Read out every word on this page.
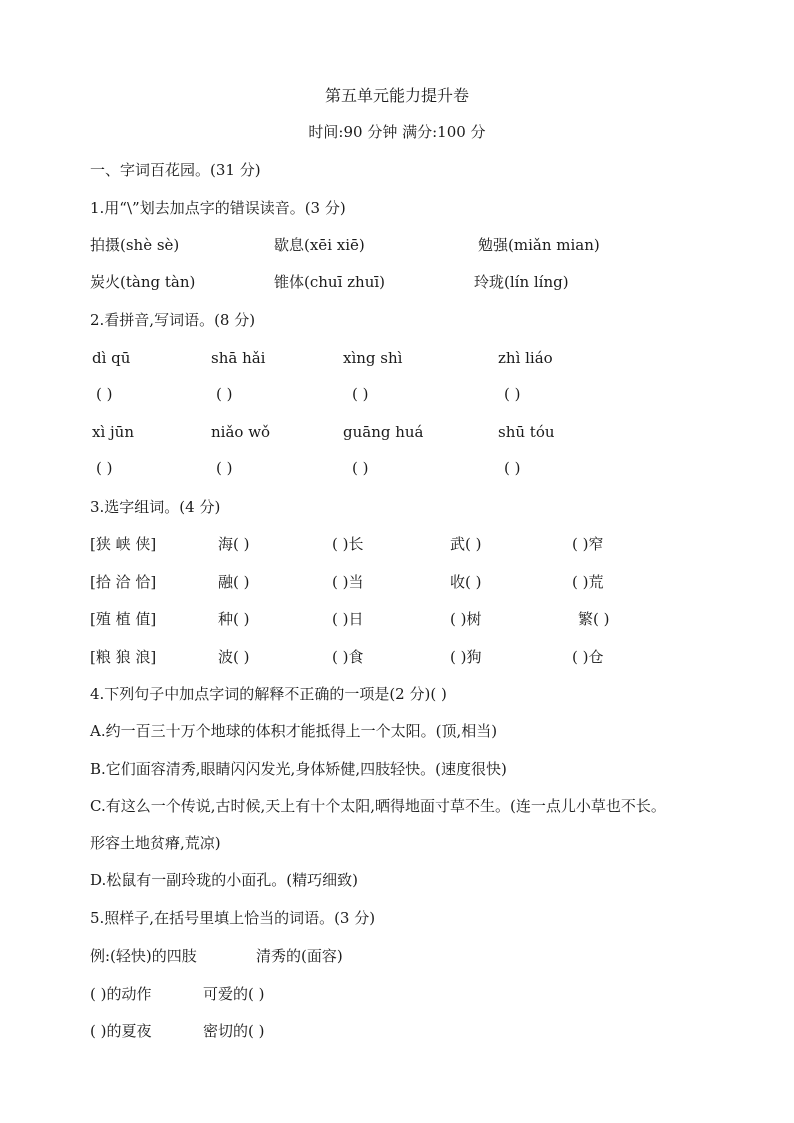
第五单元能力提升卷
时间:90 分钟 满分:100 分
一、字词百花园。(31 分)
1.用“\”划去加点字的错误读音。(3 分)
拍摄(shè sè)	歇息(xēi xiē)	勉强(miǎn mian)
炭火(tàng tàn)	锥体(chuī zhuī)	玲珑(lín líng)
2.看拼音,写词语。(8 分)
dì qū	shā hǎi	xìng shì	zhì liáo
( )	( )	( )	( )
xì jūn	niǎo wǒ	guāng huá	shū tóu
( )	( )	( )	( )
3.选字组词。(4 分)
[狭 峡 侠]	海( )	( )长	武( )	( )窄
[拾 洽 恰]	融( )	( )当	收( )	( )荒
[殖 植 值]	种( )	( )日	( )树	繁( )
[粮 狼 浪]	波( )	( )食	( )狗	( )仓
4.下列句子中加点字词的解释不正确的一项是(2 分)( )
A.约一百三十万个地球的体积才能抵得上一个太阳。(顶,相当)
B.它们面容清秀,眼睛闪闪发光,身体矫健,四肢轻快。(速度很快)
C.有这么一个传说,古时候,天上有十个太阳,晒得地面寸草不生。(连一点儿小草也不长。
形容土地贫瘠,荒凉)
D.松鼠有一副玲珑的小面孔。(精巧细致)
5.照样子,在括号里填上恰当的词语。(3 分)
例:(轻快)的四肢	清秀的(面容)
( )的动作	可爱的( )
( )的夏夜	密切的( )
